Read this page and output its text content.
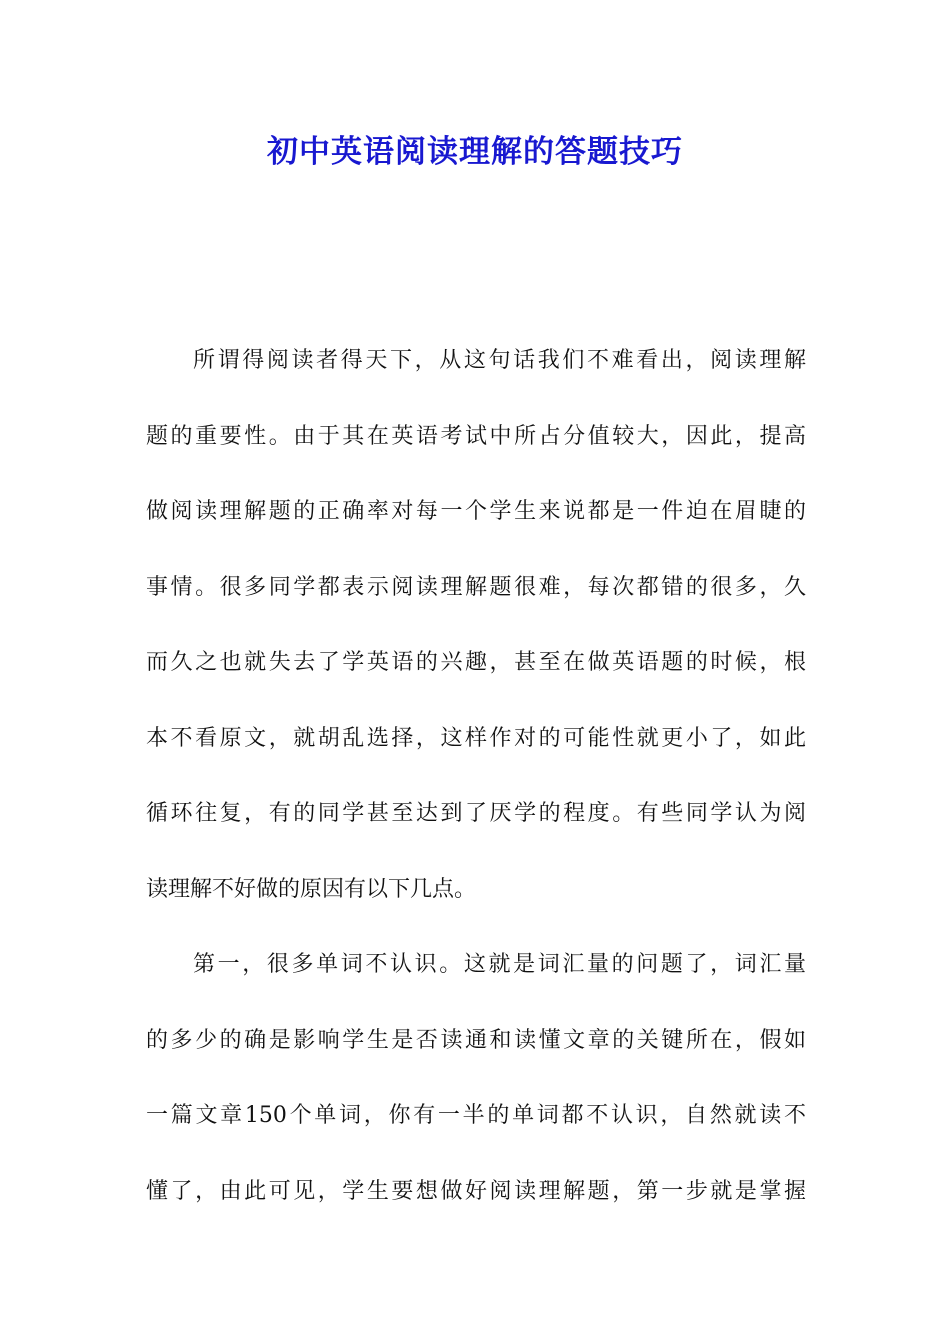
初中英语阅读理解的答题技巧
所谓得阅读者得天下，从这句话我们不难看出，阅读理解
题的重要性。由于其在英语考试中所占分值较大，因此，提高
做阅读理解题的正确率对每一个学生来说都是一件迫在眉睫的
事情。很多同学都表示阅读理解题很难，每次都错的很多，久
而久之也就失去了学英语的兴趣，甚至在做英语题的时候，根
本不看原文，就胡乱选择，这样作对的可能性就更小了，如此
循环往复，有的同学甚至达到了厌学的程度。有些同学认为阅
读理解不好做的原因有以下几点。
第一，很多单词不认识。这就是词汇量的问题了，词汇量
的多少的确是影响学生是否读通和读懂文章的关键所在，假如
一篇文章150个单词，你有一半的单词都不认识，自然就读不
懂了，由此可见，学生要想做好阅读理解题，第一步就是掌握
